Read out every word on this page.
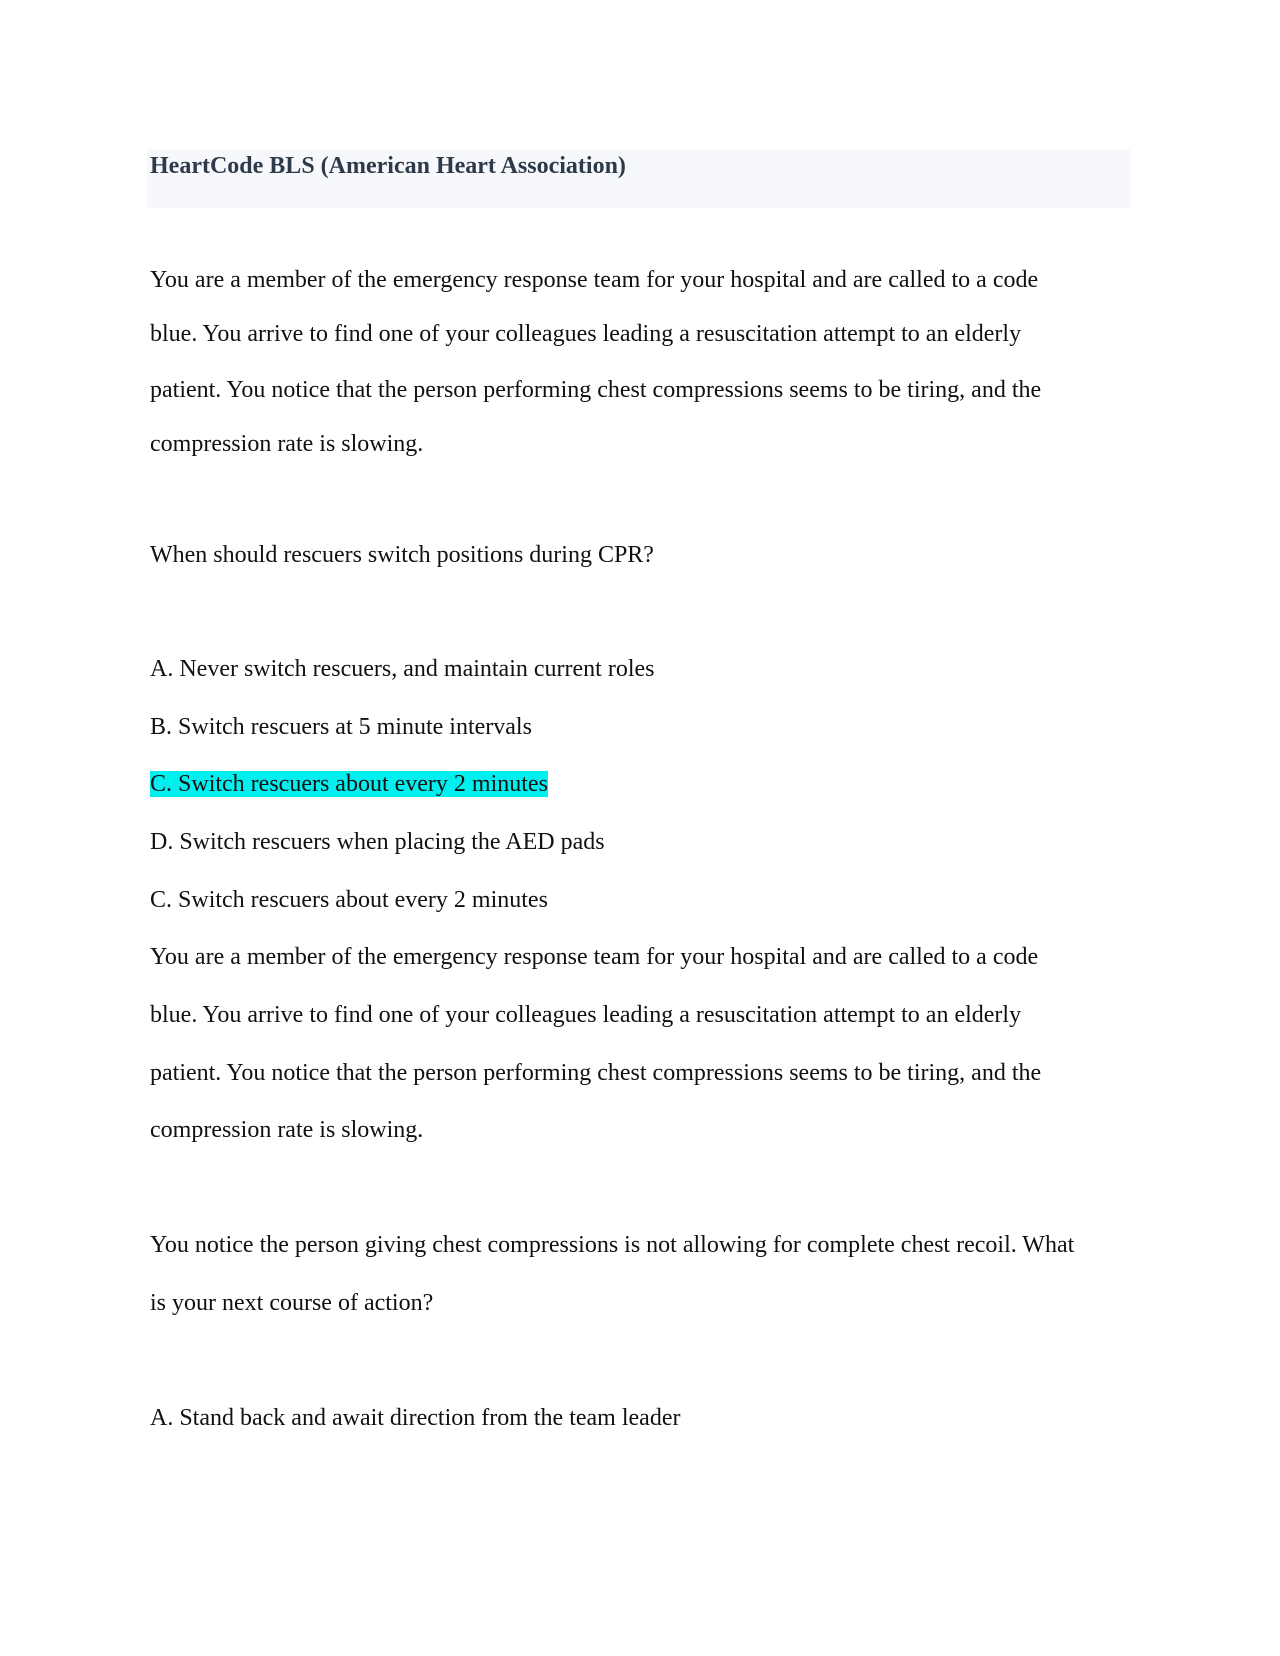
HeartCode BLS (American Heart Association)
You are a member of the emergency response team for your hospital and are called to a code
blue. You arrive to find one of your colleagues leading a resuscitation attempt to an elderly
patient. You notice that the person performing chest compressions seems to be tiring, and the
compression rate is slowing.
When should rescuers switch positions during CPR?
A. Never switch rescuers, and maintain current roles
B. Switch rescuers at 5 minute intervals
C. Switch rescuers about every 2 minutes
D. Switch rescuers when placing the AED pads
C. Switch rescuers about every 2 minutes
You are a member of the emergency response team for your hospital and are called to a code
blue. You arrive to find one of your colleagues leading a resuscitation attempt to an elderly
patient. You notice that the person performing chest compressions seems to be tiring, and the
compression rate is slowing.
You notice the person giving chest compressions is not allowing for complete chest recoil. What
is your next course of action?
A. Stand back and await direction from the team leader
